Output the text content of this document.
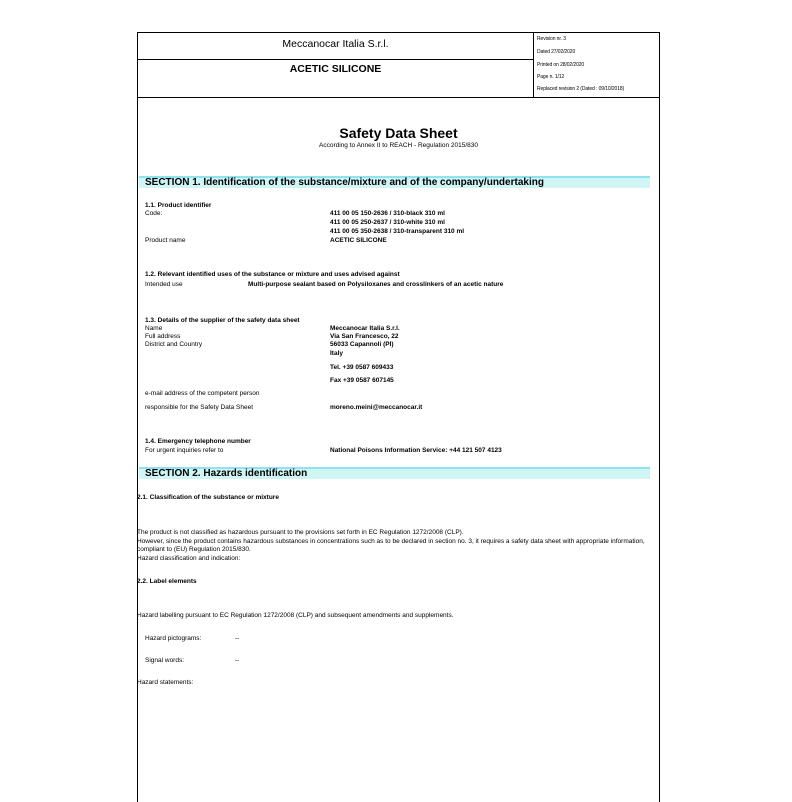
Meccanocar Italia S.r.l.
ACETIC SILICONE
Revision nr. 3
Dated 27/02/2020
Printed on 28/02/2020
Page n. 1/12
Replaced revision 2 (Dated : 09/10/2018)
Safety Data Sheet
According to Annex II to REACH - Regulation 2015/830
SECTION 1. Identification of the substance/mixture and of the company/undertaking
1.1. Product identifier
Code:	411 00 05 150-2636 / 310-black 310 ml
411 00 05 250-2637 / 310-white 310 ml
411 00 05 350-2638 / 310-transparent 310 ml
Product name	ACETIC SILICONE
1.2. Relevant identified uses of the substance or mixture and uses advised against
Intended use	Multi-purpose sealant based on Polysiloxanes and crosslinkers of an acetic nature
1.3. Details of the supplier of the safety data sheet
Name	Meccanocar Italia S.r.l.
Full address	Via San Francesco, 22
District and Country	56033 Capannoli (PI)
Italy
Tel. +39 0587 609433
Fax +39 0587 607145
e-mail address of the competent person
responsible for the Safety Data Sheet	moreno.meini@meccanocar.it
1.4. Emergency telephone number
For urgent inquiries refer to	National Poisons Information Service: +44 121 507 4123
SECTION 2. Hazards identification
2.1. Classification of the substance or mixture
The product is not classified as hazardous pursuant to the provisions set forth in EC Regulation 1272/2008 (CLP).
However, since the product contains hazardous substances in concentrations such as to be declared in section no. 3, it requires a safety data sheet with appropriate information, compliant to (EU) Regulation 2015/830.
Hazard classification and indication:
2.2. Label elements
Hazard labelling pursuant to EC Regulation 1272/2008 (CLP) and subsequent amendments and supplements.
Hazard pictograms:	--
Signal words:	--
Hazard statements:
